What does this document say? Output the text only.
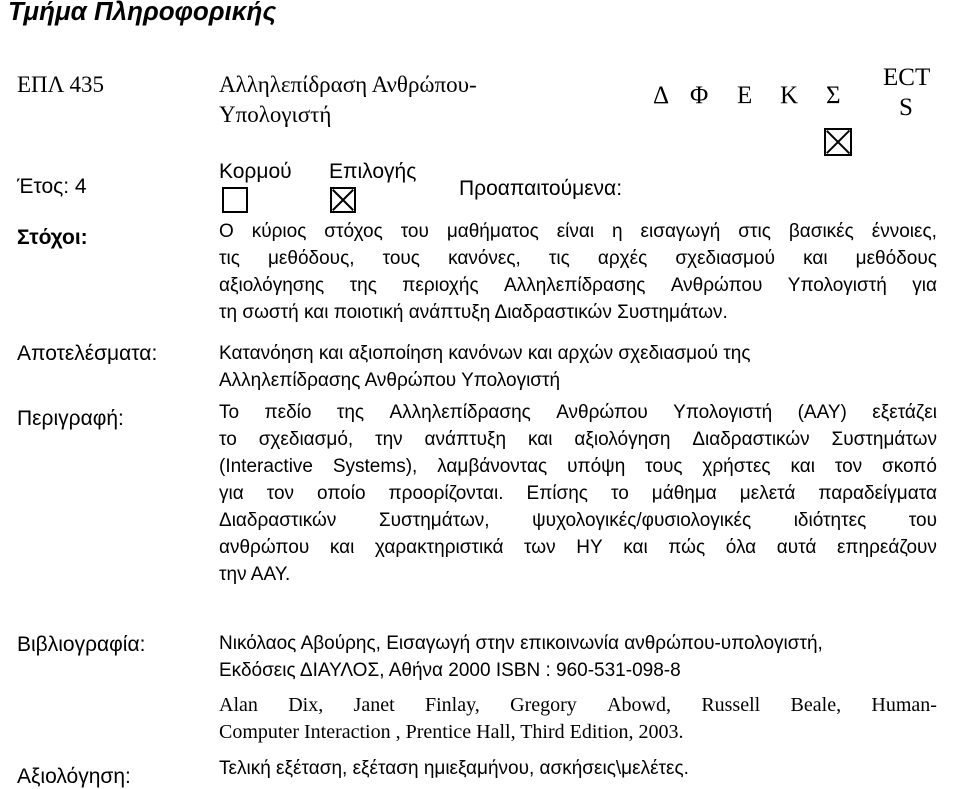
Τμήμα Πληροφορικής
ΕΠΛ 435	Αλληλεπίδραση Ανθρώπου-
Υπολογιστή
Δ Φ Ε Κ Σ
ECT
S
Έτος: 4
Κορμού Επιλογής
Προαπαιτούμενα:
Στόχοι:	Ο κύριος στόχος του μαθήματος είναι η εισαγωγή στις βασικές έννοιες,
τις μεθόδους, τους κανόνες, τις αρχές σχεδιασμού και μεθόδους
αξιολόγησης της περιοχής Αλληλεπίδρασης Ανθρώπου Υπολογιστή για
τη σωστή και ποιοτική ανάπτυξη Διαδραστικών Συστημάτων.
Αποτελέσματα:	Κατανόηση και αξιοποίηση κανόνων και αρχών σχεδιασμού της
Αλληλεπίδρασης Ανθρώπου Υπολογιστή
Περιγραφή:	Το πεδίο της Αλληλεπίδρασης Ανθρώπου Υπολογιστή (ΑΑΥ) εξετάζει
το σχεδιασμό, την ανάπτυξη και αξιολόγηση Διαδραστικών Συστημάτων
(Interactive Systems), λαμβάνοντας υπόψη τους χρήστες και τον σκοπό
για τον οποίο προορίζονται. Επίσης το μάθημα μελετά παραδείγματα
Διαδραστικών Συστημάτων, ψυχολογικές/φυσιολογικές ιδιότητες του
ανθρώπου και χαρακτηριστικά των ΗΥ και πώς όλα αυτά επηρεάζουν
την ΑΑΥ.
Βιβλιογραφία:	Νικόλαος Αβούρης, Εισαγωγή στην επικοινωνία ανθρώπου-υπολογιστή,
Εκδόσεις ΔΙΑΥΛΟΣ, Αθήνα 2000 ISBN : 960-531-098-8
Alan Dix, Janet Finlay, Gregory Abowd, Russell Beale, Human-
Computer Interaction , Prentice Hall, Third Edition, 2003.
Αξιολόγηση:	Τελική εξέταση, εξέταση ημιεξαμήνου, ασκήσεις\μελέτες.
